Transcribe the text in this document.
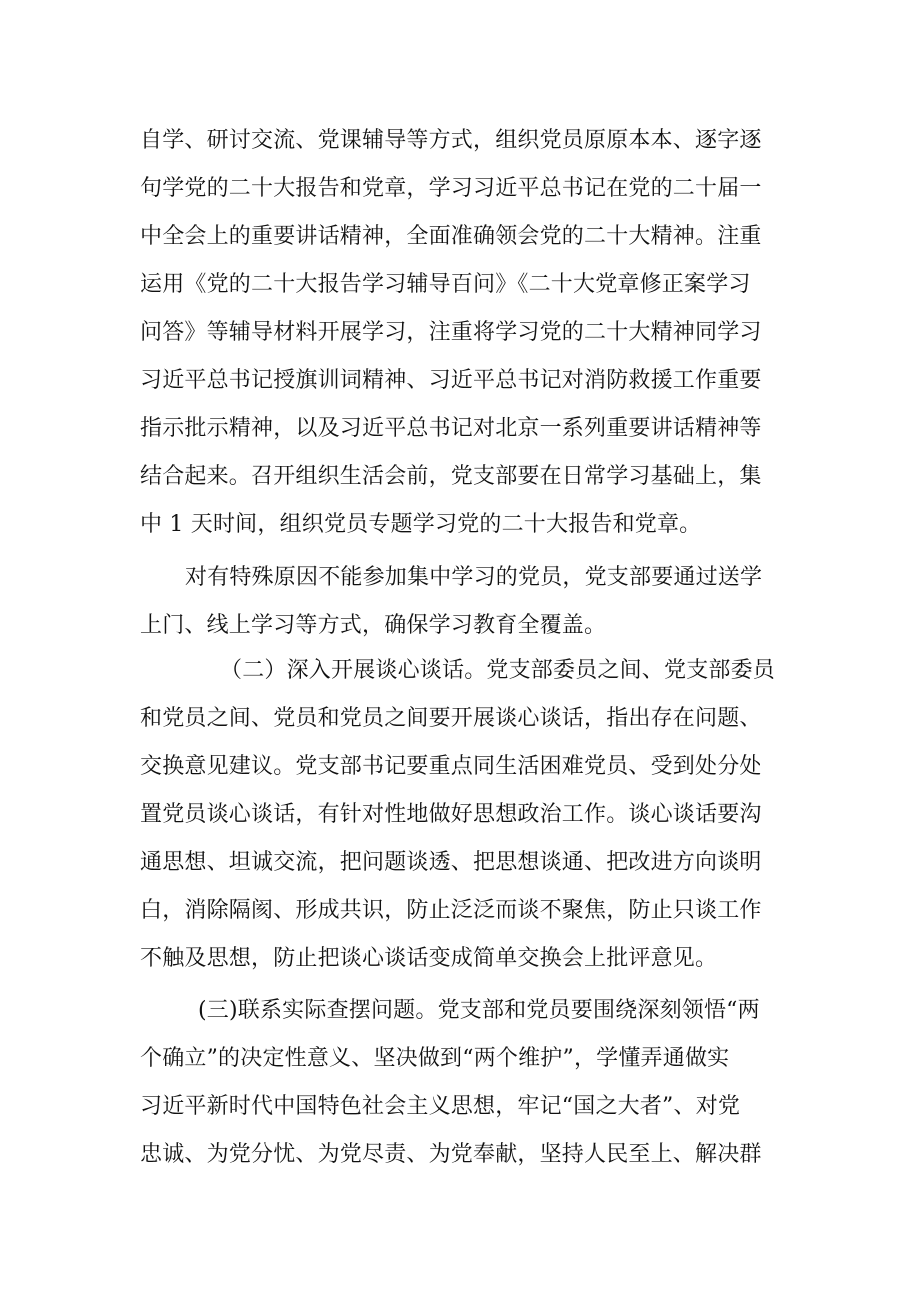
自学、研讨交流、党课辅导等方式，组织党员原原本本、逐字逐
句学党的二十大报告和党章，学习习近平总书记在党的二十届一
中全会上的重要讲话精神，全面准确领会党的二十大精神。注重
运用《党的二十大报告学习辅导百问》《二十大党章修正案学习
问答》等辅导材料开展学习，注重将学习党的二十大精神同学习
习近平总书记授旗训词精神、习近平总书记对消防救援工作重要
指示批示精神，以及习近平总书记对北京一系列重要讲话精神等
结合起来。召开组织生活会前，党支部要在日常学习基础上，集
中 1 天时间，组织党员专题学习党的二十大报告和党章。
对有特殊原因不能参加集中学习的党员，党支部要通过送学
上门、线上学习等方式，确保学习教育全覆盖。
（二）深入开展谈心谈话。党支部委员之间、党支部委员
和党员之间、党员和党员之间要开展谈心谈话，指出存在问题、
交换意见建议。党支部书记要重点同生活困难党员、受到处分处
置党员谈心谈话，有针对性地做好思想政治工作。谈心谈话要沟
通思想、坦诚交流，把问题谈透、把思想谈通、把改进方向谈明
白，消除隔阂、形成共识，防止泛泛而谈不聚焦，防止只谈工作
不触及思想，防止把谈心谈话变成简单交换会上批评意见。
(三)联系实际查摆问题。党支部和党员要围绕深刻领悟“两
个确立”的决定性意义、坚决做到“两个维护”，学懂弄通做实
习近平新时代中国特色社会主义思想，牢记“国之大者”、对党
忠诚、为党分忧、为党尽责、为党奉献，坚持人民至上、解决群
